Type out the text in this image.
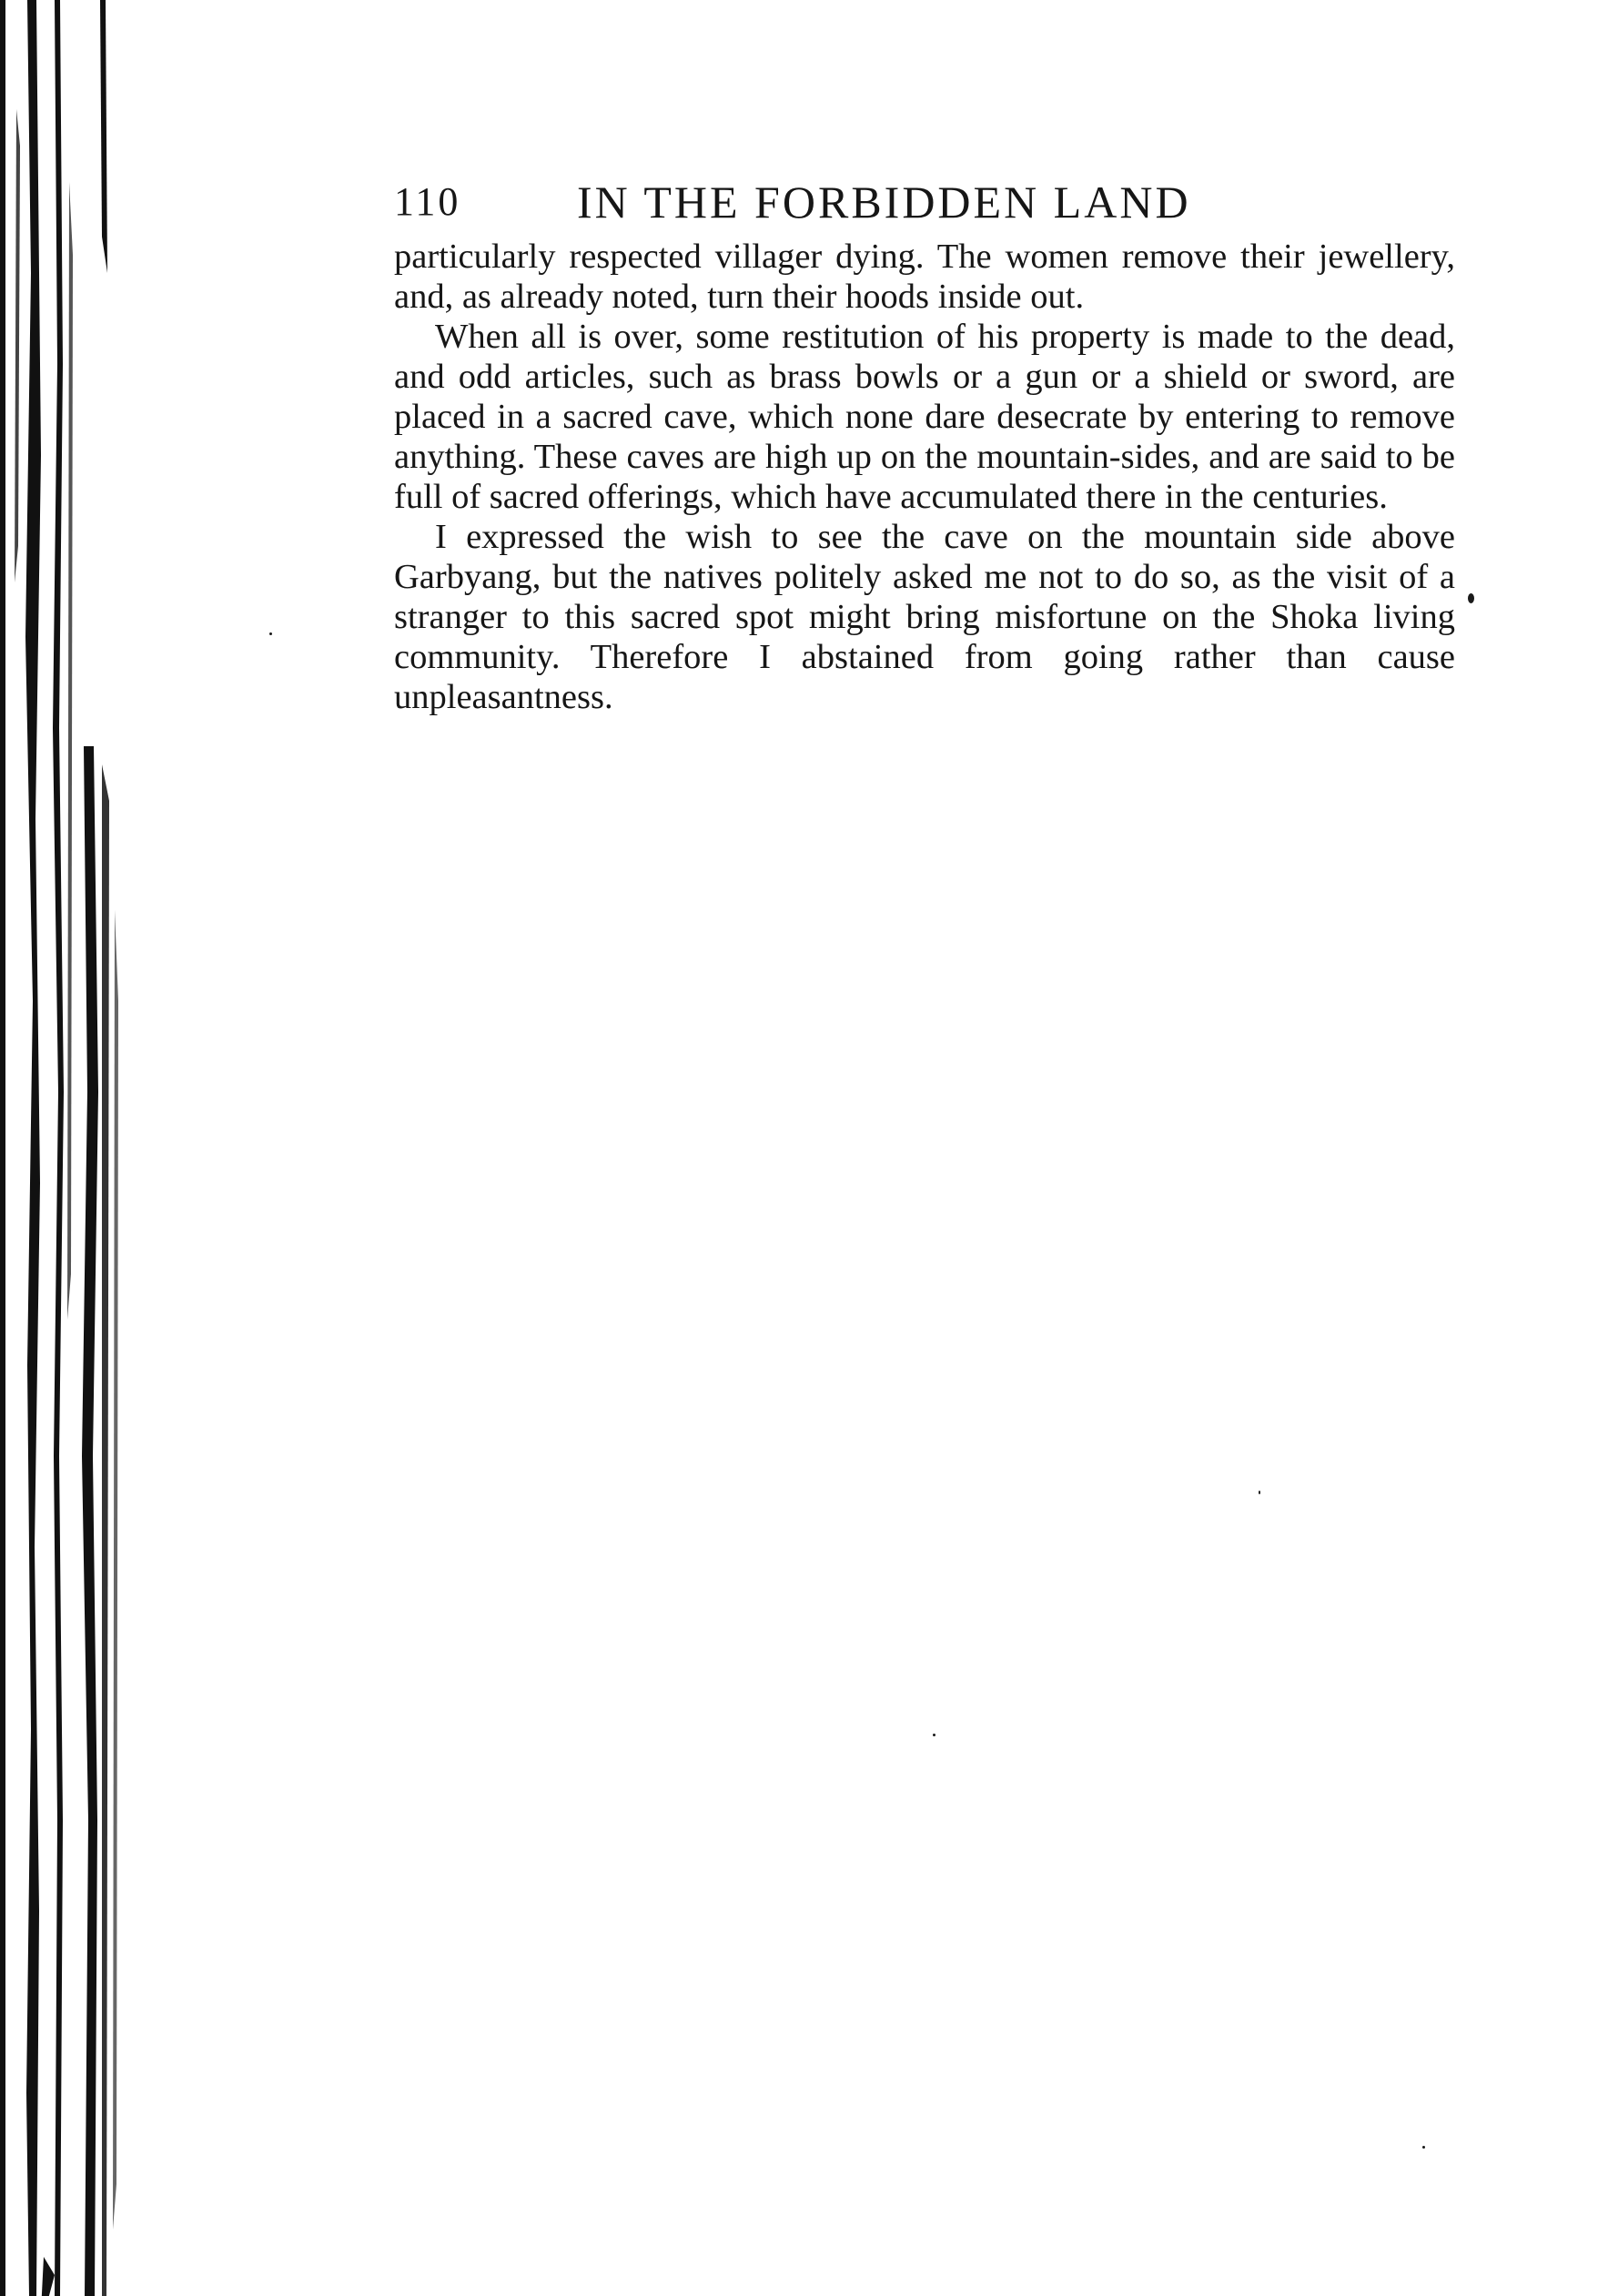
110	IN THE FORBIDDEN LAND

particularly respected villager dying. The women remove their jewellery, and, as already noted, turn their hoods inside out.

When all is over, some restitution of his property is made to the dead, and odd articles, such as brass bowls or a gun or a shield or sword, are placed in a sacred cave, which none dare desecrate by entering to remove anything. These caves are high up on the mountain-sides, and are said to be full of sacred offerings, which have accumulated there in the centuries.

I expressed the wish to see the cave on the mountain side above Garbyang, but the natives politely asked me not to do so, as the visit of a stranger to this sacred spot might bring misfortune on the Shoka living community. Therefore I abstained from going rather than cause unpleasantness.
